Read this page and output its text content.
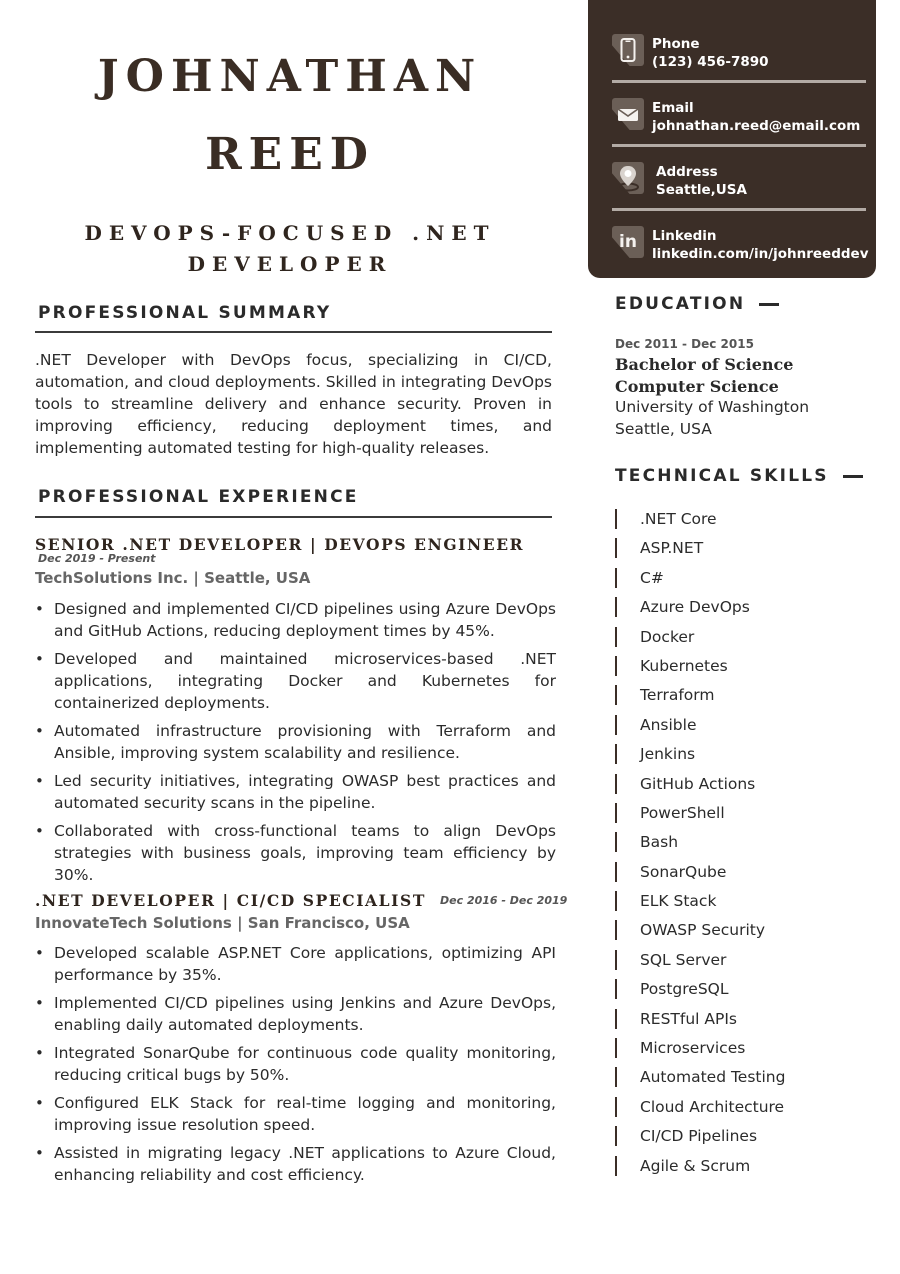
JOHNATHAN
REED
DEVOPS-FOCUSED .NET
DEVELOPER
Phone
(123) 456-7890
Email
johnathan.reed@email.com
Address
Seattle,USA
in	Linkedin
linkedin.com/in/johnreeddev
PROFESSIONAL SUMMARY

.NET Developer with DevOps focus, specializing in CI/CD, automation, and cloud deployments. Skilled in integrating DevOps tools to streamline delivery and enhance security. Proven in improving efficiency, reducing deployment times, and implementing automated testing for high-quality releases.

PROFESSIONAL EXPERIENCE
SENIOR .NET DEVELOPER | DEVOPS ENGINEER
Dec 2019 - Present
TechSolutions Inc. | Seattle, USA
• Designed and implemented CI/CD pipelines using Azure DevOps and GitHub Actions, reducing deployment times by 45%.
• Developed and maintained microservices-based .NET applications, integrating Docker and Kubernetes for containerized deployments.
• Automated infrastructure provisioning with Terraform and Ansible, improving system scalability and resilience.
• Led security initiatives, integrating OWASP best practices and automated security scans in the pipeline.
• Collaborated with cross-functional teams to align DevOps strategies with business goals, improving team efficiency by 30%.
.NET DEVELOPER | CI/CD SPECIALIST Dec 2016 - Dec 2019
InnovateTech Solutions | San Francisco, USA
• Developed scalable ASP.NET Core applications, optimizing API performance by 35%.
• Implemented CI/CD pipelines using Jenkins and Azure DevOps, enabling daily automated deployments.
• Integrated SonarQube for continuous code quality monitoring, reducing critical bugs by 50%.
• Configured ELK Stack for real-time logging and monitoring, improving issue resolution speed.
• Assisted in migrating legacy .NET applications to Azure Cloud, enhancing reliability and cost efficiency.
EDUCATION
Dec 2011 - Dec 2015
Bachelor of Science Computer Science
University of Washington
Seattle, USA
TECHNICAL SKILLS
.NET Core
ASP.NET
C#
Azure DevOps
Docker
Kubernetes
Terraform
Ansible
Jenkins
GitHub Actions
PowerShell
Bash
SonarQube
ELK Stack
OWASP Security
SQL Server
PostgreSQL
RESTful APIs
Microservices
Automated Testing
Cloud Architecture
CI/CD Pipelines
Agile & Scrum
